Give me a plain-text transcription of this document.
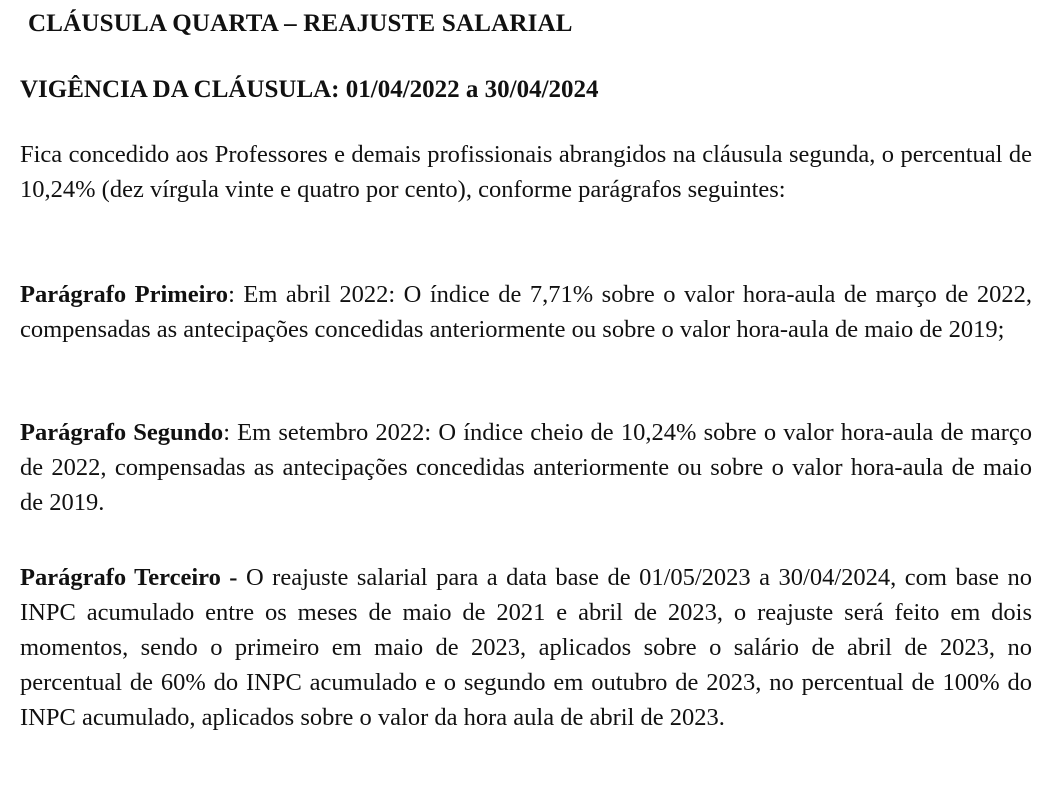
CLÁUSULA QUARTA – REAJUSTE SALARIAL
VIGÊNCIA DA CLÁUSULA: 01/04/2022 a 30/04/2024

Fica concedido aos Professores e demais profissionais abrangidos na cláusula segunda, o percentual de 10,24% (dez vírgula vinte e quatro por cento), conforme parágrafos seguintes:

Parágrafo Primeiro: Em abril 2022: O índice de 7,71% sobre o valor hora-aula de março de 2022, compensadas as antecipações concedidas anteriormente ou sobre o valor hora-aula de maio de 2019;

Parágrafo Segundo: Em setembro 2022: O índice cheio de 10,24% sobre o valor hora-aula de março de 2022, compensadas as antecipações concedidas anteriormente ou sobre o valor hora-aula de maio de 2019.

Parágrafo Terceiro - O reajuste salarial para a data base de 01/05/2023 a 30/04/2024, com base no INPC acumulado entre os meses de maio de 2021 e abril de 2023, o reajuste será feito em dois momentos, sendo o primeiro em maio de 2023, aplicados sobre o salário de abril de 2023, no percentual de 60% do INPC acumulado e o segundo em outubro de 2023, no percentual de 100% do INPC acumulado, aplicados sobre o valor da hora aula de abril de 2023.
